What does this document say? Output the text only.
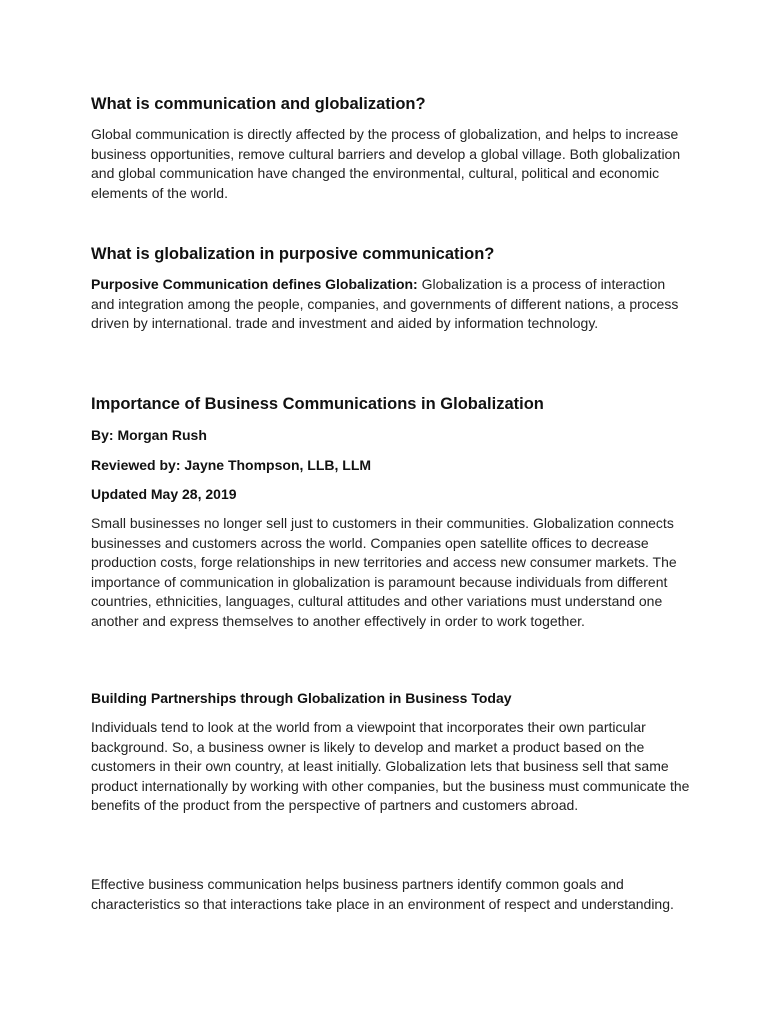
What is communication and globalization?

Global communication is directly affected by the process of globalization, and helps to increase business opportunities, remove cultural barriers and develop a global village. Both globalization and global communication have changed the environmental, cultural, political and economic elements of the world.

What is globalization in purposive communication?

Purposive Communication defines Globalization: Globalization is a process of interaction and integration among the people, companies, and governments of different nations, a process driven by international. trade and investment and aided by information technology.

Importance of Business Communications in Globalization
By: Morgan Rush
Reviewed by: Jayne Thompson, LLB, LLM
Updated May 28, 2019

Small businesses no longer sell just to customers in their communities. Globalization connects businesses and customers across the world. Companies open satellite offices to decrease production costs, forge relationships in new territories and access new consumer markets. The importance of communication in globalization is paramount because individuals from different countries, ethnicities, languages, cultural attitudes and other variations must understand one another and express themselves to another effectively in order to work together.

Building Partnerships through Globalization in Business Today

Individuals tend to look at the world from a viewpoint that incorporates their own particular background. So, a business owner is likely to develop and market a product based on the customers in their own country, at least initially. Globalization lets that business sell that same product internationally by working with other companies, but the business must communicate the benefits of the product from the perspective of partners and customers abroad.

Effective business communication helps business partners identify common goals and characteristics so that interactions take place in an environment of respect and understanding.
